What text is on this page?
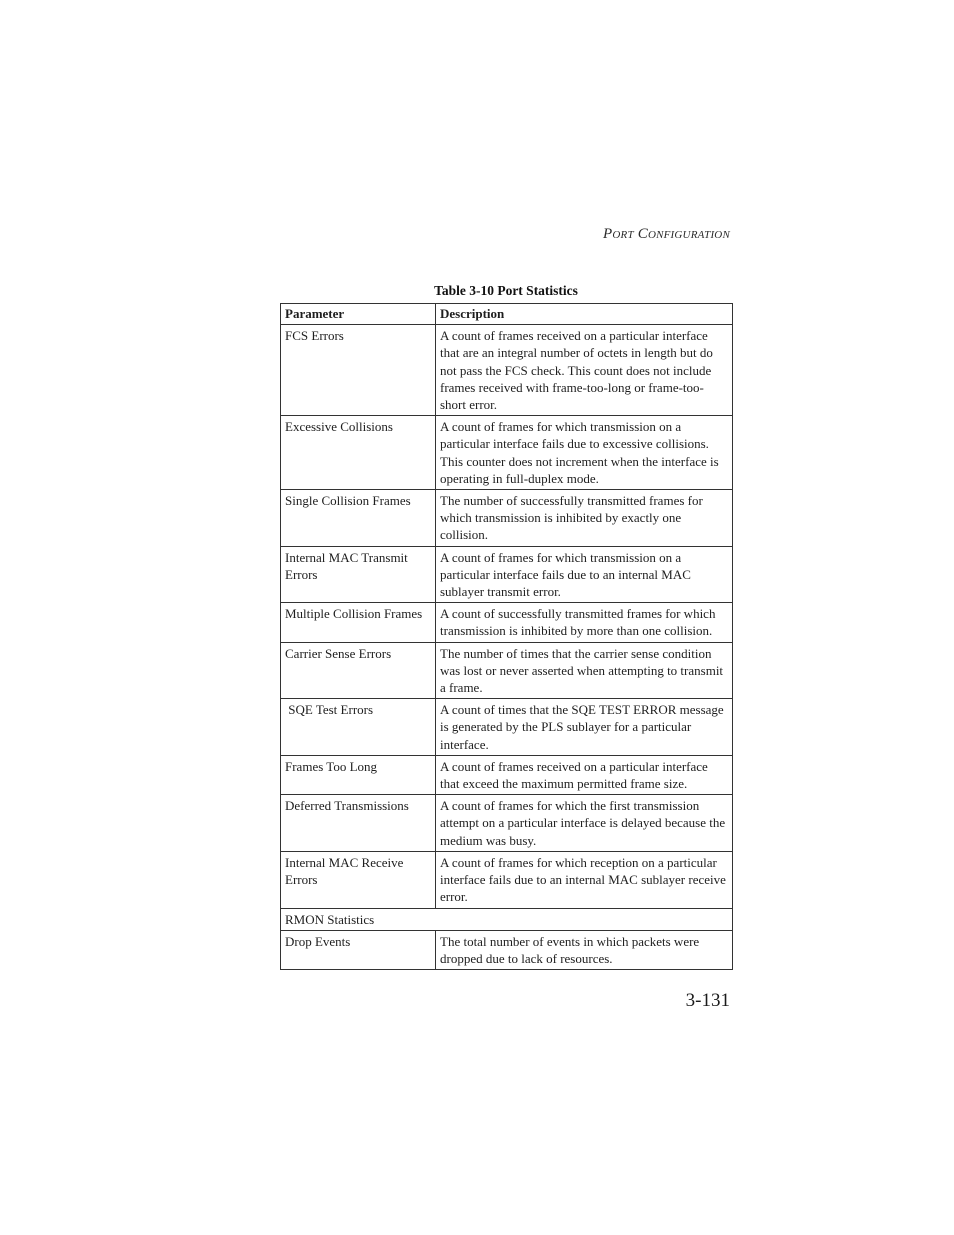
Port Configuration
Table 3-10 Port Statistics
Parameter	Description
FCS Errors	A count of frames received on a particular interface that are an integral number of octets in length but do not pass the FCS check. This count does not include frames received with frame-too-long or frame-too-short error.
Excessive Collisions	A count of frames for which transmission on a particular interface fails due to excessive collisions. This counter does not increment when the interface is operating in full-duplex mode.
Single Collision Frames	The number of successfully transmitted frames for which transmission is inhibited by exactly one collision.
Internal MAC Transmit Errors	A count of frames for which transmission on a particular interface fails due to an internal MAC sublayer transmit error.
Multiple Collision Frames	A count of successfully transmitted frames for which transmission is inhibited by more than one collision.
Carrier Sense Errors	The number of times that the carrier sense condition was lost or never asserted when attempting to transmit a frame.
SQE Test Errors	A count of times that the SQE TEST ERROR message is generated by the PLS sublayer for a particular interface.
Frames Too Long	A count of frames received on a particular interface that exceed the maximum permitted frame size.
Deferred Transmissions	A count of frames for which the first transmission attempt on a particular interface is delayed because the medium was busy.
Internal MAC Receive Errors	A count of frames for which reception on a particular interface fails due to an internal MAC sublayer receive error.
RMON Statistics	
Drop Events	The total number of events in which packets were dropped due to lack of resources.
3-131
